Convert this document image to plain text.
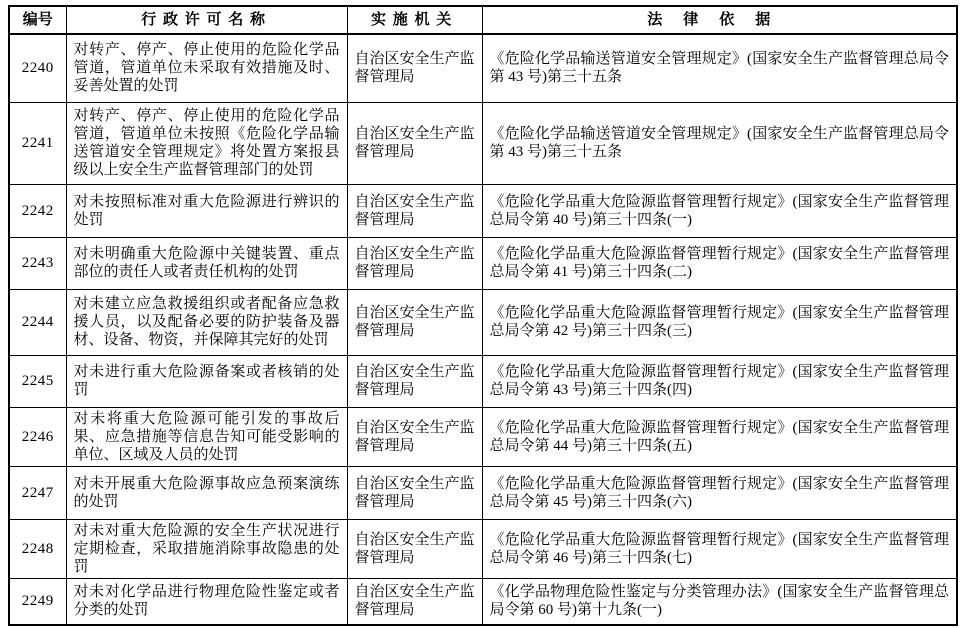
编号	行政许可名称	实施机关	法律依据
2240	对转产、停产、停止使用的危险化学品管道，管道单位未采取有效措施及时、妥善处置的处罚	自治区安全生产监督管理局	《危险化学品输送管道安全管理规定》(国家安全生产监督管理总局令第 43 号)第三十五条
2241	对转产、停产、停止使用的危险化学品管道，管道单位未按照《危险化学品输送管道安全管理规定》将处置方案报县级以上安全生产监督管理部门的处罚	自治区安全生产监督管理局	《危险化学品输送管道安全管理规定》(国家安全生产监督管理总局令第 43 号)第三十五条
2242	对未按照标准对重大危险源进行辨识的处罚	自治区安全生产监督管理局	《危险化学品重大危险源监督管理暂行规定》(国家安全生产监督管理总局令第 40 号)第三十四条(一)
2243	对未明确重大危险源中关键装置、重点部位的责任人或者责任机构的处罚	自治区安全生产监督管理局	《危险化学品重大危险源监督管理暂行规定》(国家安全生产监督管理总局令第 41 号)第三十四条(二)
2244	对未建立应急救援组织或者配备应急救援人员，以及配备必要的防护装备及器材、设备、物资，并保障其完好的处罚	自治区安全生产监督管理局	《危险化学品重大危险源监督管理暂行规定》(国家安全生产监督管理总局令第 42 号)第三十四条(三)
2245	对未进行重大危险源备案或者核销的处罚	自治区安全生产监督管理局	《危险化学品重大危险源监督管理暂行规定》(国家安全生产监督管理总局令第 43 号)第三十四条(四)
2246	对未将重大危险源可能引发的事故后果、应急措施等信息告知可能受影响的单位、区域及人员的处罚	自治区安全生产监督管理局	《危险化学品重大危险源监督管理暂行规定》(国家安全生产监督管理总局令第 44 号)第三十四条(五)
2247	对未开展重大危险源事故应急预案演练的处罚	自治区安全生产监督管理局	《危险化学品重大危险源监督管理暂行规定》(国家安全生产监督管理总局令第 45 号)第三十四条(六)
2248	对未对重大危险源的安全生产状况进行定期检查，采取措施消除事故隐患的处罚	自治区安全生产监督管理局	《危险化学品重大危险源监督管理暂行规定》(国家安全生产监督管理总局令第 46 号)第三十四条(七)
2249	对未对化学品进行物理危险性鉴定或者分类的处罚	自治区安全生产监督管理局	《化学品物理危险性鉴定与分类管理办法》(国家安全生产监督管理总局令第 60 号)第十九条(一)
